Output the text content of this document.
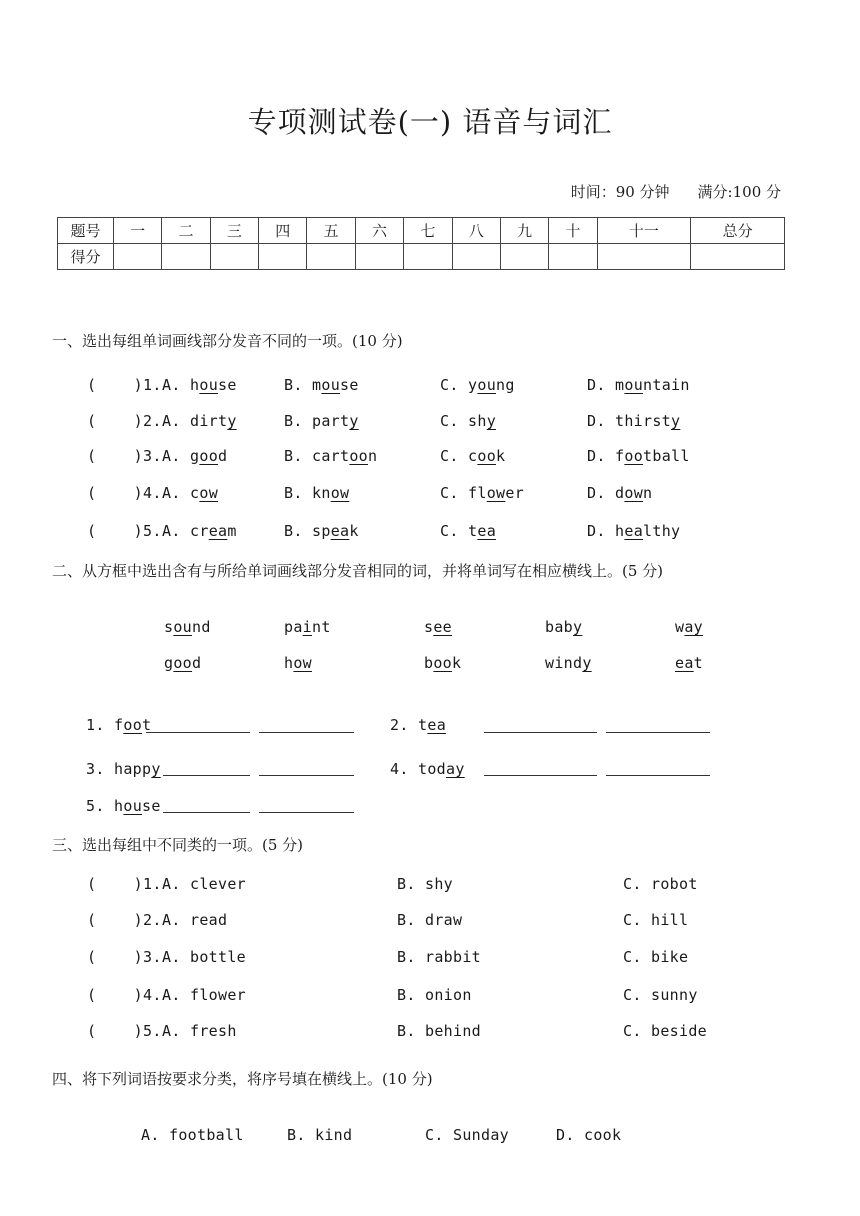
专项测试卷(一) 语音与词汇
时间：90 分钟 满分:100 分
题号	一	二	三	四	五	六	七	八	九	十	十一	总分
得分												
一、选出每组单词画线部分发音不同的一项。(10 分)
(    )1. A. house	B. mouse	C. young	D. mountain
(    )2. A. dirty	B. party	C. shy	D. thirsty
(    )3. A. good	B. cartoon	C. cook	D. football
(    )4. A. cow	B. know	C. flower	D. down
(    )5. A. cream	B. speak	C. tea	D. healthy
二、从方框中选出含有与所给单词画线部分发音相同的词，并将单词写在相应横线上。(5 分)
sound	paint	see	baby	way
good	how	book	windy	eat
1. foot	2. tea
3. happy	4. today
5. house
三、选出每组中不同类的一项。(5 分)
(    )1. A. clever	B. shy	C. robot
(    )2. A. read	B. draw	C. hill
(    )3. A. bottle	B. rabbit	C. bike
(    )4. A. flower	B. onion	C. sunny
(    )5. A. fresh	B. behind	C. beside
四、将下列词语按要求分类，将序号填在横线上。(10 分)
A. football	B. kind	C. Sunday	D. cook
